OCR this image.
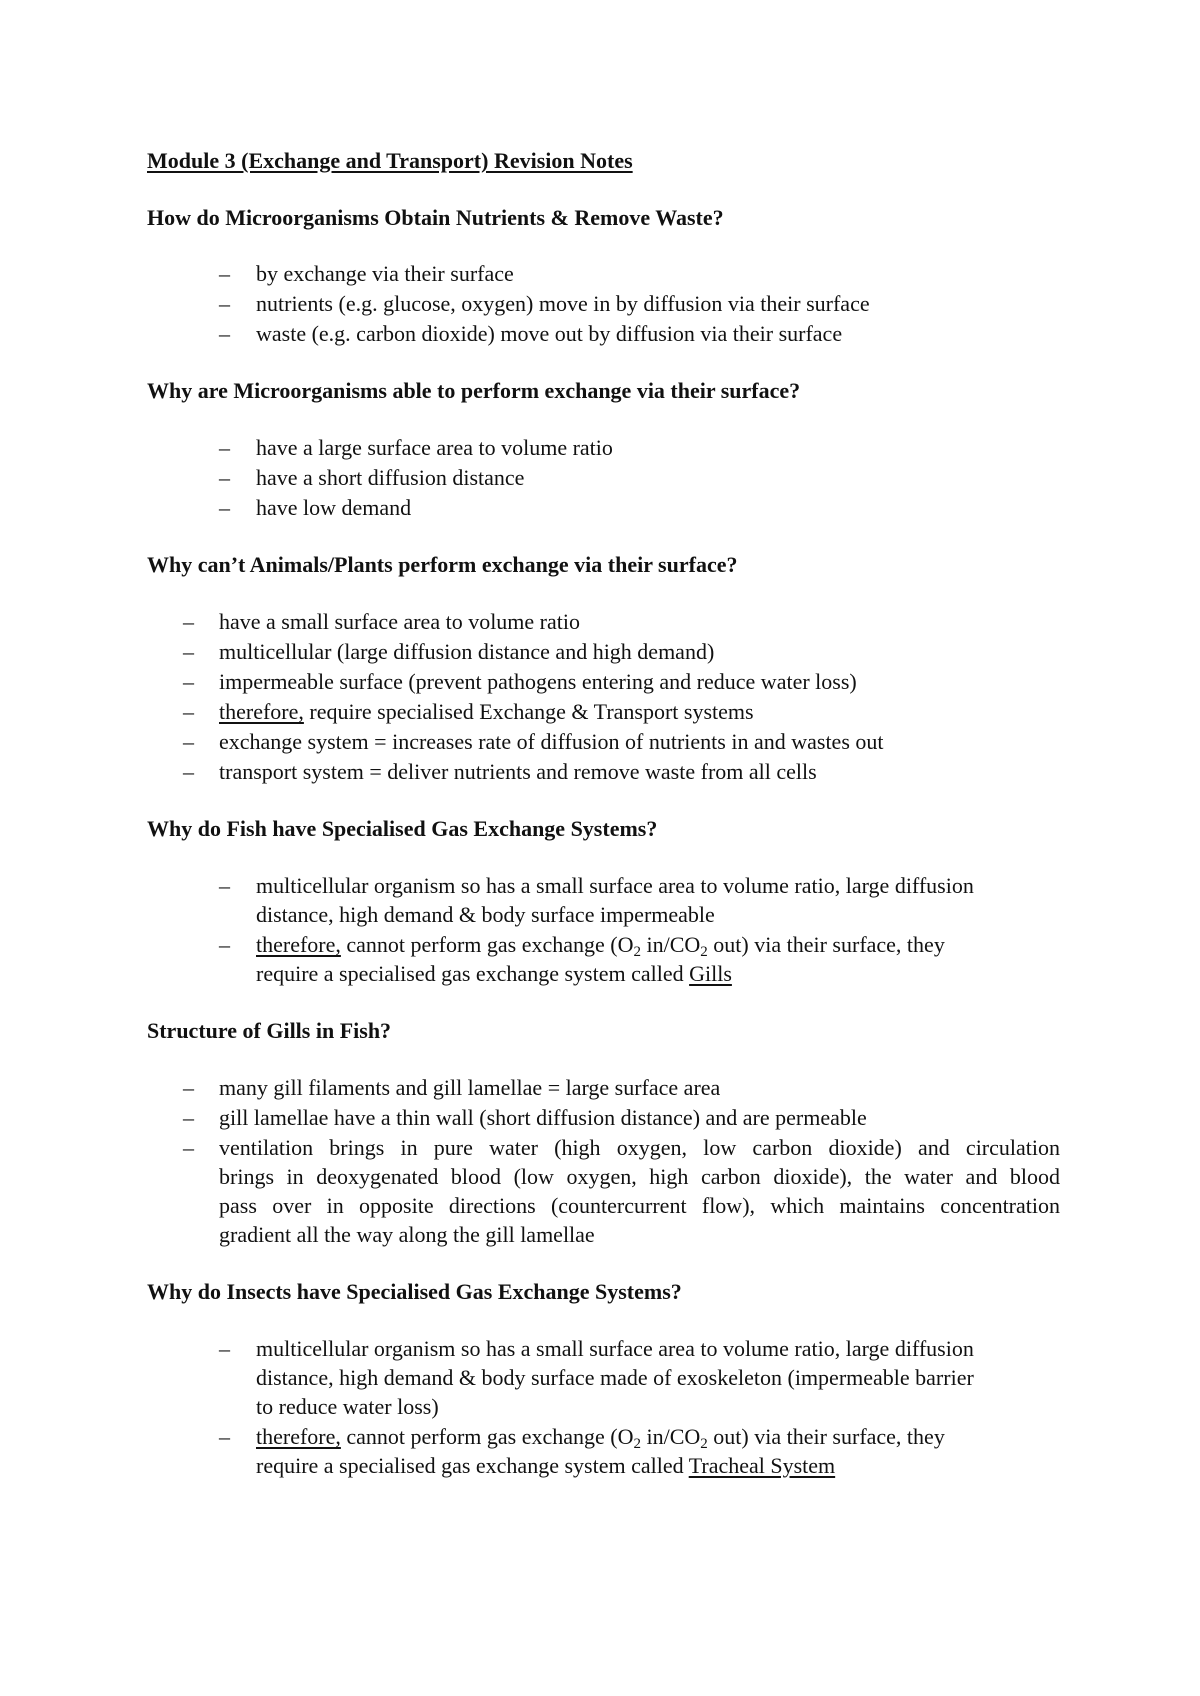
Module 3 (Exchange and Transport) Revision Notes
How do Microorganisms Obtain Nutrients & Remove Waste?
– by exchange via their surface
– nutrients (e.g. glucose, oxygen) move in by diffusion via their surface
– waste (e.g. carbon dioxide) move out by diffusion via their surface
Why are Microorganisms able to perform exchange via their surface?
– have a large surface area to volume ratio
– have a short diffusion distance
– have low demand
Why can’t Animals/Plants perform exchange via their surface?
– have a small surface area to volume ratio
– multicellular (large diffusion distance and high demand)
– impermeable surface (prevent pathogens entering and reduce water loss)
– therefore, require specialised Exchange & Transport systems
– exchange system = increases rate of diffusion of nutrients in and wastes out
– transport system = deliver nutrients and remove waste from all cells
Why do Fish have Specialised Gas Exchange Systems?
– multicellular organism so has a small surface area to volume ratio, large diffusion
distance, high demand & body surface impermeable
– therefore, cannot perform gas exchange ($O_2$ $in/CO_2$ out) via their surface, they
require a specialised gas exchange system called Gills
Structure of Gills in Fish?
– many gill filaments and gill lamellae = large surface area
– gill lamellae have a thin wall (short diffusion distance) and are permeable
– ventilation brings in pure water (high oxygen, low carbon dioxide) and circulation
brings in deoxygenated blood (low oxygen, high carbon dioxide), the water and blood
pass over in opposite directions (countercurrent flow), which maintains concentration
gradient all the way along the gill lamellae
Why do Insects have Specialised Gas Exchange Systems?
– multicellular organism so has a small surface area to volume ratio, large diffusion
distance, high demand & body surface made of exoskeleton (impermeable barrier
to reduce water loss)
– therefore, cannot perform gas exchange ($O_2$ $in/CO_2$ out) via their surface, they
require a specialised gas exchange system called Tracheal System
